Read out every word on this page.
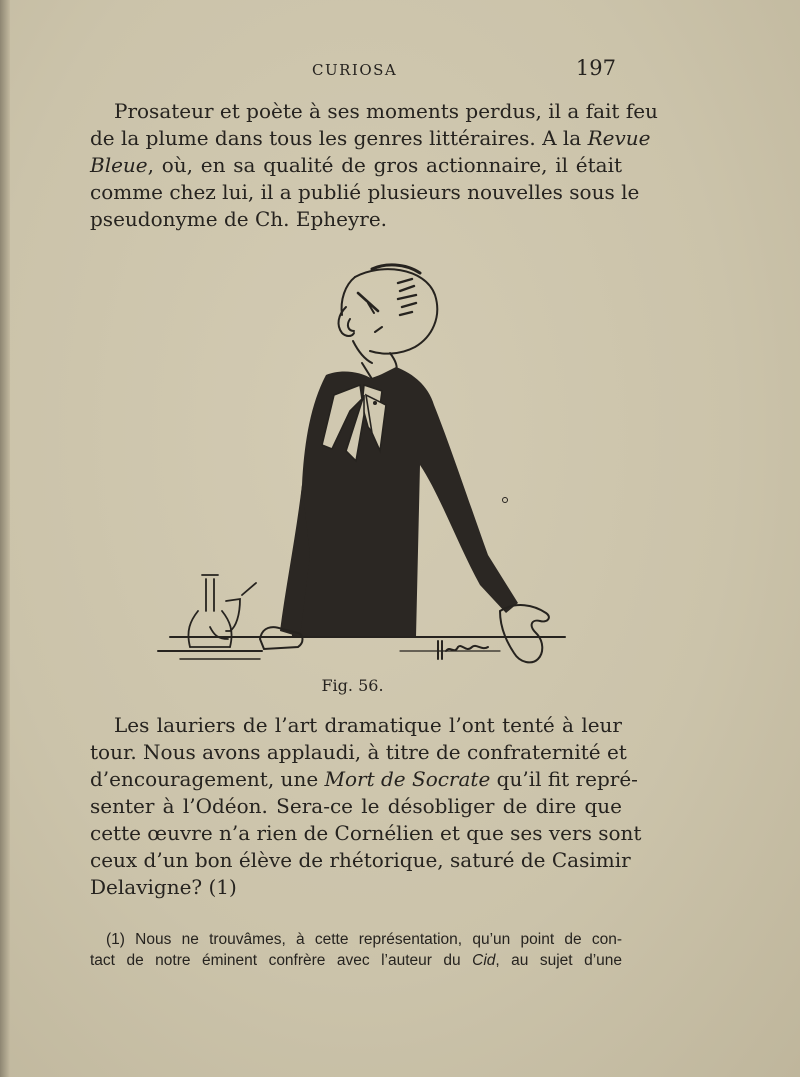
CURIOSA	197

Prosateur et poète à ses moments perdus, il a fait feu
de la plume dans tous les genres littéraires. A la Revue
Bleue, où, en sa qualité de gros actionnaire, il était
comme chez lui, il a publié plusieurs nouvelles sous le
pseudonyme de Ch. Epheyre.

Fig. 56.

Les lauriers de l’art dramatique l’ont tenté à leur
tour. Nous avons applaudi, à titre de confraternité et
d’encouragement, une Mort de Socrate qu’il fit repré-
senter à l’Odéon. Sera-ce le désobliger de dire que
cette œuvre n’a rien de Cornélien et que ses vers sont
ceux d’un bon élève de rhétorique, saturé de Casimir
Delavigne? (1)

(1) Nous ne trouvâmes, à cette représentation, qu’un point de con-
tact de notre éminent confrère avec l’auteur du Cid, au sujet d’une
